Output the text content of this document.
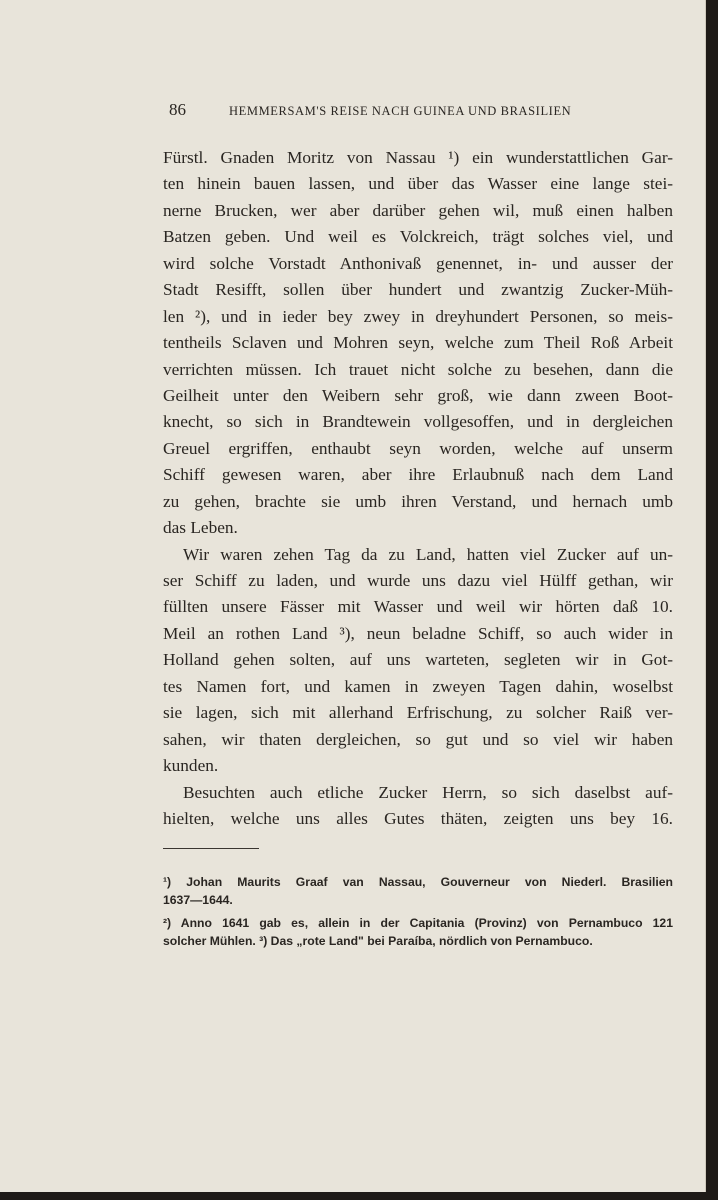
86	HEMMERSAM'S REISE NACH GUINEA UND BRASILIEN
Fürstl. Gnaden Moritz von Nassau ¹) ein wunderstattlichen Gar-
ten hinein bauen lassen, und über das Wasser eine lange stei-
nerne Brucken, wer aber darüber gehen wil, muß einen halben
Batzen geben. Und weil es Volckreich, trägt solches viel, und
wird solche Vorstadt Anthonivaß genennet, in- und ausser der
Stadt Resifft, sollen über hundert und zwantzig Zucker-Müh-
len ²), und in ieder bey zwey in dreyhundert Personen, so meis-
tentheils Sclaven und Mohren seyn, welche zum Theil Roß Arbeit
verrichten müssen. Ich trauet nicht solche zu besehen, dann die
Geilheit unter den Weibern sehr groß, wie dann zween Boot-
knecht, so sich in Brandtewein vollgesoffen, und in dergleichen
Greuel ergriffen, enthaubt seyn worden, welche auf unserm
Schiff gewesen waren, aber ihre Erlaubnuß nach dem Land
zu gehen, brachte sie umb ihren Verstand, und hernach umb
das Leben.
Wir waren zehen Tag da zu Land, hatten viel Zucker auf un-
ser Schiff zu laden, und wurde uns dazu viel Hülff gethan, wir
füllten unsere Fässer mit Wasser und weil wir hörten daß 10.
Meil an rothen Land ³), neun beladne Schiff, so auch wider in
Holland gehen solten, auf uns warteten, segleten wir in Got-
tes Namen fort, und kamen in zweyen Tagen dahin, woselbst
sie lagen, sich mit allerhand Erfrischung, zu solcher Raiß ver-
sahen, wir thaten dergleichen, so gut und so viel wir haben
kunden.
Besuchten auch etliche Zucker Herrn, so sich daselbst auf-
hielten, welche uns alles Gutes thäten, zeigten uns bey 16.
¹) Johan Maurits Graaf van Nassau, Gouverneur von Niederl. Brasilien
1637—1644.
²) Anno 1641 gab es, allein in der Capitania (Provinz) von Pernambuco 121
solcher Mühlen. ³) Das „rote Land" bei Paraíba, nördlich von Pernambuco.
